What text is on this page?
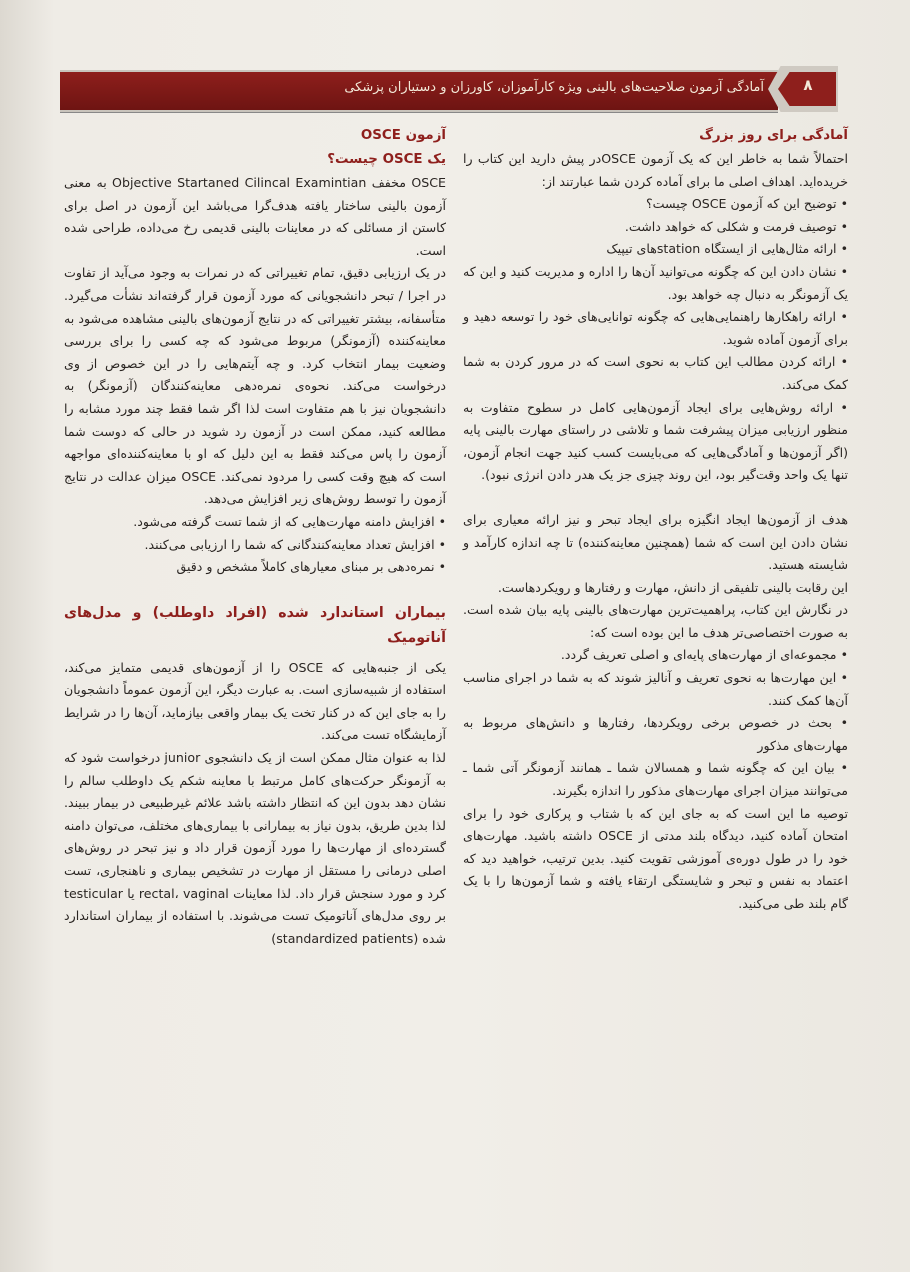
آمادگی آزمون صلاحیت‌های بالینی ویژه کارآموزان، کاورزان و دستیاران پزشکی	۸

آمادگی برای روز بزرگ

احتمالاً شما به خاطر این که یک آزمون OSCEدر پیش دارید این کتاب را خریده‌اید. اهداف اصلی ما برای آماده کردن شما عبارتند از:

• توضیح این که آزمون OSCE چیست؟

• توصیف فرمت و شکلی که خواهد داشت.

• ارائه مثال‌هایی از ایستگاه stationهای تیپیک

• نشان دادن این که چگونه می‌توانید آن‌ها را اداره و مدیریت کنید و این که یک آزمونگر به دنبال چه خواهد بود.

• ارائه راهکارها راهنمایی‌هایی که چگونه توانایی‌های خود را توسعه دهید و برای آزمون آماده شوید.

• ارائه کردن مطالب این کتاب به نحوی است که در مرور کردن به شما کمک می‌کند.

• ارائه روش‌هایی برای ایجاد آزمون‌هایی کامل در سطوح متفاوت به منظور ارزیابی میزان پیشرفت شما و تلاشی در راستای مهارت بالینی پایه (اگر آزمون‌ها و آمادگی‌هایی که می‌بایست کسب کنید جهت انجام آزمون، تنها یک واحد وقت‌گیر بود، این روند چیزی جز یک هدر دادن انرژی نبود).

هدف از آزمون‌ها ایجاد انگیزه برای ایجاد تبحر و نیز ارائه معیاری برای نشان دادن این است که شما (همچنین معاینه‌کننده) تا چه اندازه کارآمد و شایسته هستید.

این رقابت بالینی تلفیقی از دانش، مهارت و رفتارها و رویکردهاست.

در نگارش این کتاب، پراهمیت‌ترین مهارت‌های بالینی پایه بیان شده است. به صورت اختصاصی‌تر هدف ما این بوده است که:

• مجموعه‌ای از مهارت‌های پایه‌ای و اصلی تعریف گردد.

• این مهارت‌ها به نحوی تعریف و آنالیز شوند که به شما در اجرای مناسب آن‌ها کمک کنند.

• بحث در خصوص برخی رویکردها، رفتارها و دانش‌های مربوط به مهارت‌های مذکور

• بیان این که چگونه شما و همسالان شما ـ همانند آزمونگر آتی شما ـ می‌توانند میزان اجرای مهارت‌های مذکور را اندازه بگیرند.

توصیه ما این است که به جای این که با شتاب و پرکاری خود را برای امتحان آماده کنید، دیدگاه بلند مدتی از OSCE داشته باشید. مهارت‌های خود را در طول دوره‌ی آموزشی تقویت کنید. بدین ترتیب، خواهید دید که اعتماد به نفس و تبحر و شایستگی ارتقاء یافته و شما آزمون‌ها را با یک گام بلند طی می‌کنید.

آزمون OSCE

یک OSCE چیست؟

OSCE مخفف Objective Startaned Cilincal Examintian به معنی آزمون بالینی ساختار یافته هدف‌گرا می‌باشد این آزمون در اصل برای کاستن از مسائلی که در معاینات بالینی قدیمی رخ می‌داده، طراحی شده است.

در یک ارزیابی دقیق، تمام تغییراتی که در نمرات به وجود می‌آید از تفاوت در اجرا / تبحر دانشجویانی که مورد آزمون قرار گرفته‌اند نشأت می‌گیرد. متأسفانه، بیشتر تغییراتی که در نتایج آزمون‌های بالینی مشاهده می‌شود به معاینه‌کننده (آزمونگر) مربوط می‌شود که چه کسی را برای بررسی وضعیت بیمار انتخاب کرد. و چه آیتم‌هایی را در این خصوص از وی درخواست می‌کند. نحوه‌ی نمره‌دهی معاینه‌کنندگان (آزمونگر) به دانشجویان نیز با هم متفاوت است لذا اگر شما فقط چند مورد مشابه را مطالعه کنید، ممکن است در آزمون رد شوید در حالی که دوست شما آزمون را پاس می‌کند فقط به این دلیل که او با معاینه‌کننده‌ای مواجهه است که هیچ وقت کسی را مردود نمی‌کند. OSCE میزان عدالت در نتایج آزمون را توسط روش‌های زیر افزایش می‌دهد.

• افزایش دامنه مهارت‌هایی که از شما تست گرفته می‌شود.

• افزایش تعداد معاینه‌کنندگانی که شما را ارزیابی می‌کنند.

• نمره‌دهی بر مبنای معیارهای کاملاً مشخص و دقیق

بیماران استاندارد شده (افراد داوطلب) و مدل‌های آناتومیک

یکی از جنبه‌هایی که OSCE را از آزمون‌های قدیمی متمایز می‌کند، استفاده از شبیه‌سازی است. به عبارت دیگر، این آزمون عموماً دانشجویان را به جای این که در کنار تخت یک بیمار واقعی بیازماید، آن‌ها را در شرایط آزمایشگاه تست می‌کند.

لذا به عنوان مثال ممکن است از یک دانشجوی junior درخواست شود که به آزمونگر حرکت‌های کامل مرتبط با معاینه شکم یک داوطلب سالم را نشان دهد بدون این که انتظار داشته باشد علائم غیرطبیعی در بیمار ببیند. لذا بدین طریق، بدون نیاز به بیمارانی با بیماری‌های مختلف، می‌توان دامنه گسترده‌ای از مهارت‌ها را مورد آزمون قرار داد و نیز تبحر در روش‌های اصلی درمانی را مستقل از مهارت در تشخیص بیماری و ناهنجاری، تست کرد و مورد سنجش قرار داد. لذا معاینات rectal، vaginal یا testicular بر روی مدل‌های آناتومیک تست می‌شوند. با استفاده از بیماران استاندارد شده (standardized patients)
